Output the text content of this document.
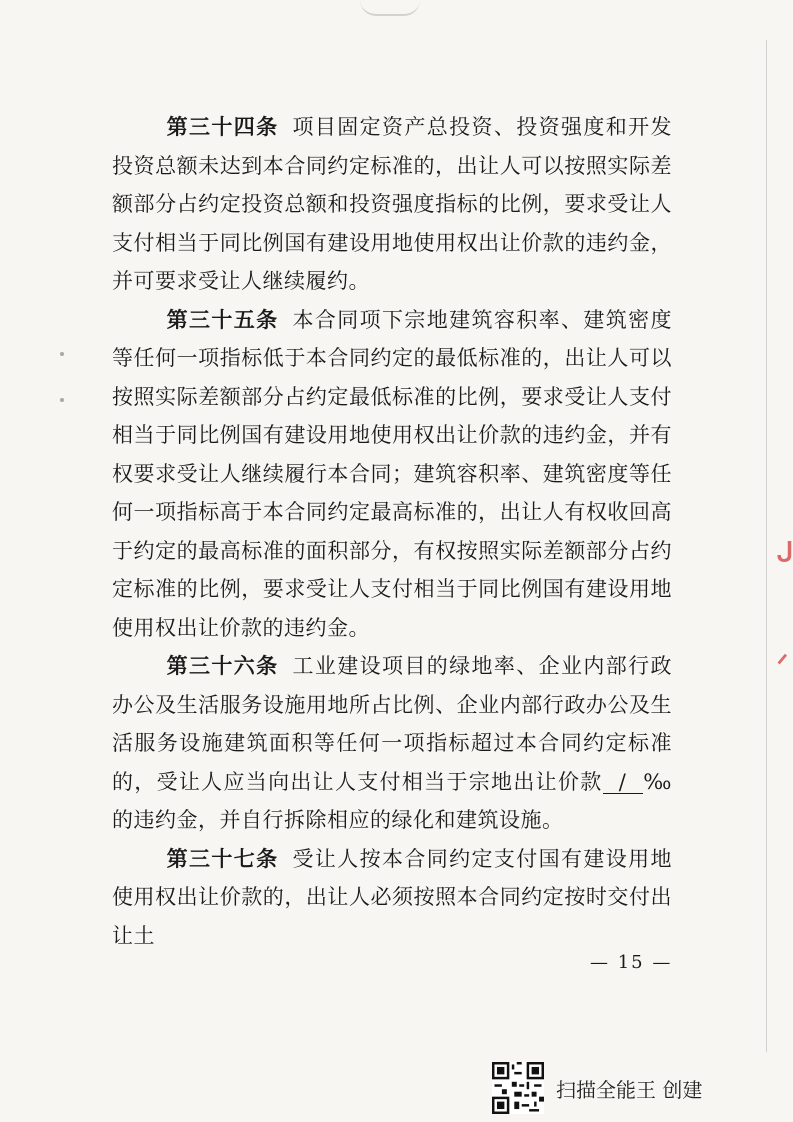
ᒍ
ᐟ

第三十四条 项目固定资产总投资、投资强度和开发投资总额未达到本合同约定标准的，出让人可以按照实际差额部分占约定投资总额和投资强度指标的比例，要求受让人支付相当于同比例国有建设用地使用权出让价款的违约金，并可要求受让人继续履约。

第三十五条 本合同项下宗地建筑容积率、建筑密度等任何一项指标低于本合同约定的最低标准的，出让人可以按照实际差额部分占约定最低标准的比例，要求受让人支付相当于同比例国有建设用地使用权出让价款的违约金，并有权要求受让人继续履行本合同；建筑容积率、建筑密度等任何一项指标高于本合同约定最高标准的，出让人有权收回高于约定的最高标准的面积部分，有权按照实际差额部分占约定标准的比例，要求受让人支付相当于同比例国有建设用地使用权出让价款的违约金。

第三十六条 工业建设项目的绿地率、企业内部行政办公及生活服务设施用地所占比例、企业内部行政办公及生活服务设施建筑面积等任何一项指标超过本合同约定标准的，受让人应当向出让人支付相当于宗地出让价款 / ‰的违约金，并自行拆除相应的绿化和建筑设施。

第三十七条 受让人按本合同约定支付国有建设用地使用权出让价款的，出让人必须按照本合同约定按时交付出让土

— 15 —
扫描全能王 创建
